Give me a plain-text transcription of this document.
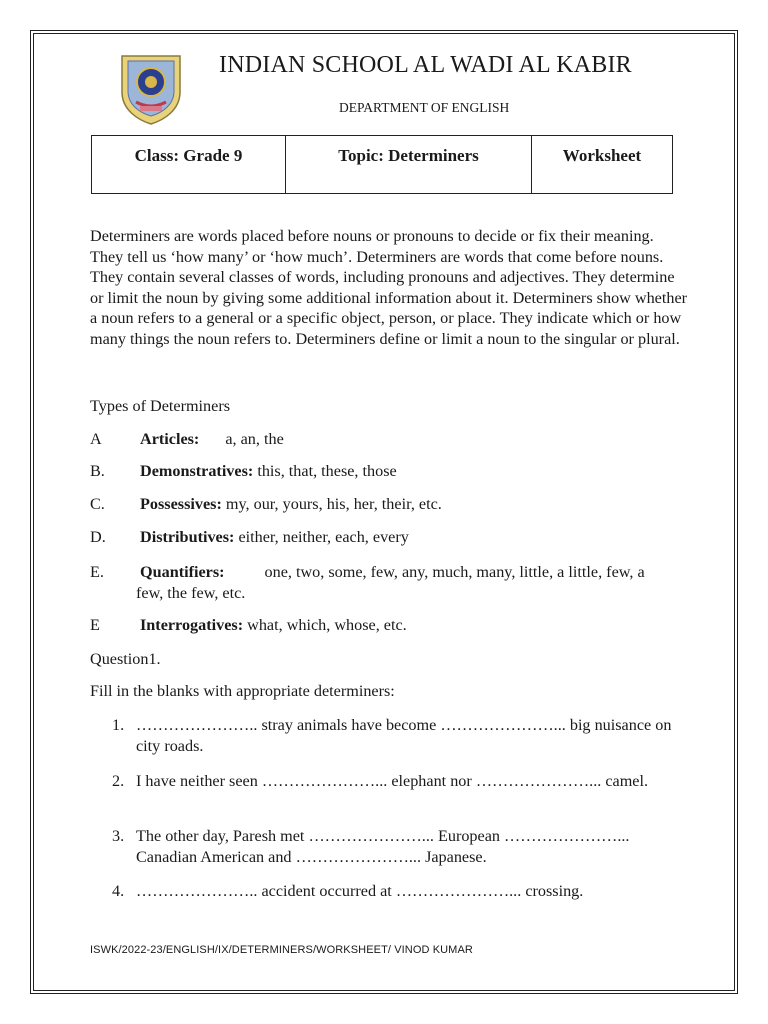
INDIAN SCHOOL AL WADI AL KABIR
DEPARTMENT OF ENGLISH
Class: Grade 9	Topic: Determiners	Worksheet
Determiners are words placed before nouns or pronouns to decide or fix their meaning. They tell us ‘how many’ or ‘how much’. Determiners are words that come before nouns. They contain several classes of words, including pronouns and adjectives. They determine or limit the noun by giving some additional information about it. Determiners show whether a noun refers to a general or a specific object, person, or place. They indicate which or how many things the noun refers to. Determiners define or limit a noun to the singular or plural.
Types of Determiners
A Articles: a, an, the
B. Demonstratives: this, that, these, those
C. Possessives: my, our, yours, his, her, their, etc.
D. Distributives: either, neither, each, every
E. Quantifiers: one, two, some, few, any, much, many, little, a little, few, a few, the few, etc.
E Interrogatives: what, which, whose, etc.
Question1.
Fill in the blanks with appropriate determiners:
1. ………………….. stray animals have become …………………... big nuisance on city roads.
2. I have neither seen …………………... elephant nor …………………... camel.
3. The other day, Paresh met …………………... European …………………... Canadian American and …………………... Japanese.
4. ………………….. accident occurred at …………………... crossing.
ISWK/2022-23/ENGLISH/IX/DETERMINERS/WORKSHEET/ VINOD KUMAR
